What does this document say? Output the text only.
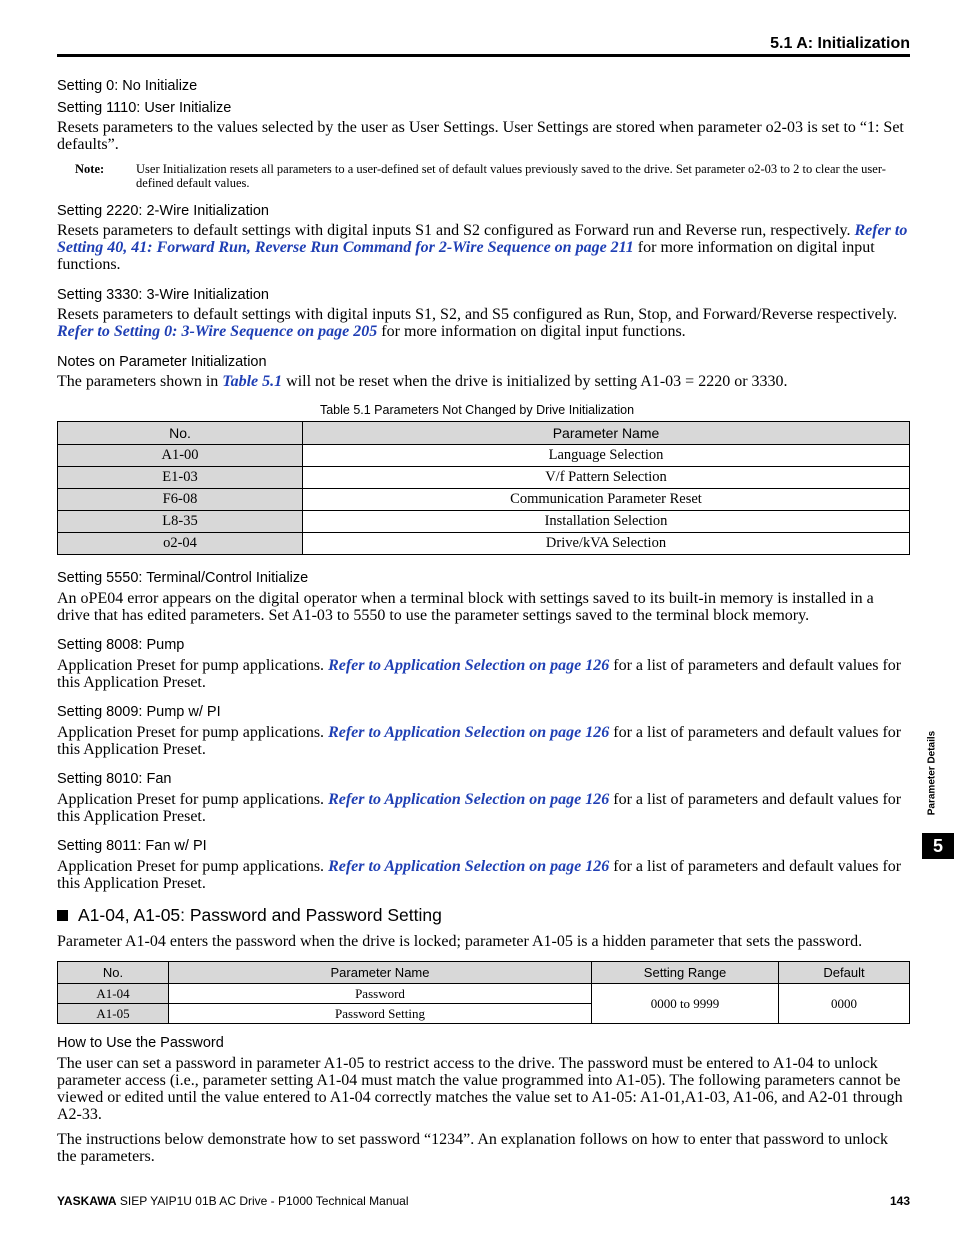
5.1 A: Initialization
Setting 0: No Initialize
Setting 1110: User Initialize
Resets parameters to the values selected by the user as User Settings. User Settings are stored when parameter o2-03 is set to “1: Set defaults”.
Note:	User Initialization resets all parameters to a user-defined set of default values previously saved to the drive. Set parameter o2-03 to 2 to clear the user-defined default values.
Setting 2220: 2-Wire Initialization
Resets parameters to default settings with digital inputs S1 and S2 configured as Forward run and Reverse run, respectively. Refer to Setting 40, 41: Forward Run, Reverse Run Command for 2-Wire Sequence on page 211 for more information on digital input functions.
Setting 3330: 3-Wire Initialization
Resets parameters to default settings with digital inputs S1, S2, and S5 configured as Run, Stop, and Forward/Reverse respectively. Refer to Setting 0: 3-Wire Sequence on page 205 for more information on digital input functions.
Notes on Parameter Initialization
The parameters shown in Table 5.1 will not be reset when the drive is initialized by setting A1-03 = 2220 or 3330.
Table 5.1 Parameters Not Changed by Drive Initialization
No.	Parameter Name
A1-00	Language Selection
E1-03	V/f Pattern Selection
F6-08	Communication Parameter Reset
L8-35	Installation Selection
o2-04	Drive/kVA Selection
Setting 5550: Terminal/Control Initialize
An oPE04 error appears on the digital operator when a terminal block with settings saved to its built-in memory is installed in a drive that has edited parameters. Set A1-03 to 5550 to use the parameter settings saved to the terminal block memory.
Setting 8008: Pump
Application Preset for pump applications. Refer to Application Selection on page 126 for a list of parameters and default values for this Application Preset.
Setting 8009: Pump w/ PI
Application Preset for pump applications. Refer to Application Selection on page 126 for a list of parameters and default values for this Application Preset.
Setting 8010: Fan
Application Preset for pump applications. Refer to Application Selection on page 126 for a list of parameters and default values for this Application Preset.
Setting 8011: Fan w/ PI
Application Preset for pump applications. Refer to Application Selection on page 126 for a list of parameters and default values for this Application Preset.
A1-04, A1-05: Password and Password Setting
Parameter A1-04 enters the password when the drive is locked; parameter A1-05 is a hidden parameter that sets the password.
No.	Parameter Name	Setting Range	Default
A1-04	Password	0000 to 9999	0000
A1-05	Password Setting		
How to Use the Password
The user can set a password in parameter A1-05 to restrict access to the drive. The password must be entered to A1-04 to unlock parameter access (i.e., parameter setting A1-04 must match the value programmed into A1-05). The following parameters cannot be viewed or edited until the value entered to A1-04 correctly matches the value set to A1-05: A1-01,A1-03, A1-06, and A2-01 through A2-33.
The instructions below demonstrate how to set password “1234”. An explanation follows on how to enter that password to unlock the parameters.
Parameter Details
5
YASKAWA SIEP YAIP1U 01B AC Drive - P1000 Technical Manual	143
